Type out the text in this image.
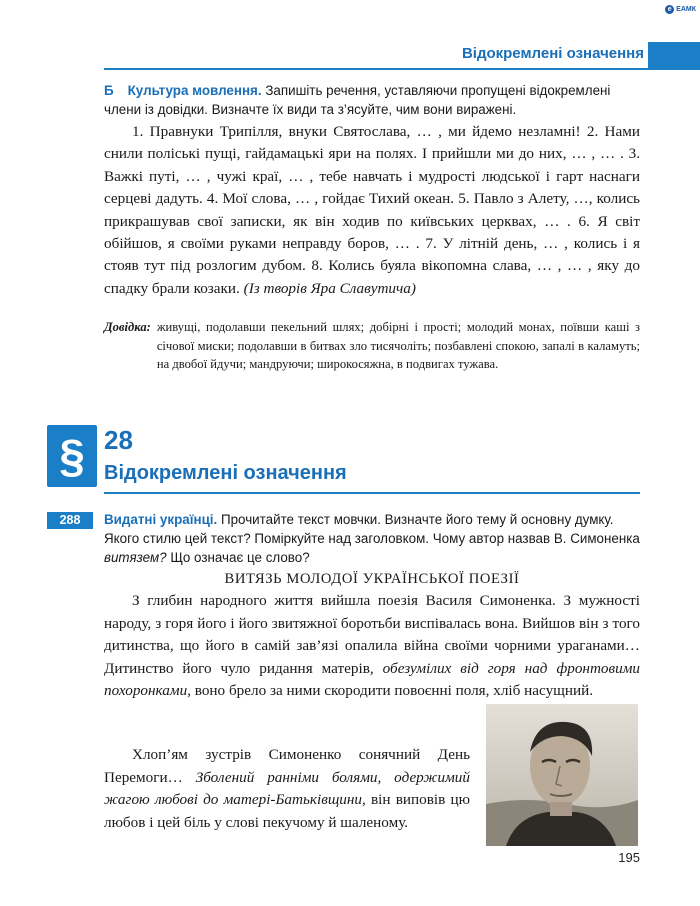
e ЕАМК
Відокремлені означення
Б Культура мовлення. Запишіть речення, уставляючи пропущені відокремлені члени із довідки. Визначте їх види та з’ясуйте, чим вони виражені.

1. Правнуки Трипілля, внуки Святослава, … , ми йдемо незламні! 2. Нами снили поліські пущі, гайдамацькі яри на полях. І прийшли ми до них, … , … . 3. Важкі путі, … , чужі краї, … , тебе навчать і мудрості людської і гарт наснаги серцеві дадуть. 4. Мої слова, … , гойдає Тихий океан. 5. Павло з Алету, …, колись прикрашував свої записки, як він ходив по київських церквах, … . 6. Я світ обійшов, я своїми руками неправду боров, … . 7. У літній день, … , колись і я стояв тут під розлогим дубом. 8. Колись буяла вікопомна слава, … , … , яку до спадку брали козаки. (Із творів Яра Славутича)

Довідка: живущі, подолавши пекельний шлях; добірні і прості; молодий монах, поївши каші з січової миски; подолавши в битвах зло тисячоліть; позбавлені спокою, запалі в каламуть; на двобої йдучи; мандруючи; широкосяжна, в подвигах тужава.
§ 28
Відокремлені означення
288	Видатні українці. Прочитайте текст мовчки. Визначте його тему й основну думку. Якого стилю цей текст? Поміркуйте над заголовком. Чому автор назвав В. Симоненка витязем? Що означає це слово?
ВИТЯЗЬ МОЛОДОЇ УКРАЇНСЬКОЇ ПОЕЗІЇ

З глибин народного життя вийшла поезія Василя Симоненка. З мужності народу, з горя його і його звитяжної боротьби виспівалась вона. Вийшов він з того дитинства, що його в самій зав’язі опалила війна своїми чорними ураганами… Дитинство його чуло ридання матерів, обезумілих від горя над фронтовими похоронками, воно брело за ними скородити повоєнні поля, хліб насущний.

Хлоп’ям зустрів Симоненко сонячний День Перемоги… Зболений ранніми болями, одержимий жагою любові до матері-Батьківщини, він виповів цю любов і цей біль у слові пекучому й шаленому.

195
